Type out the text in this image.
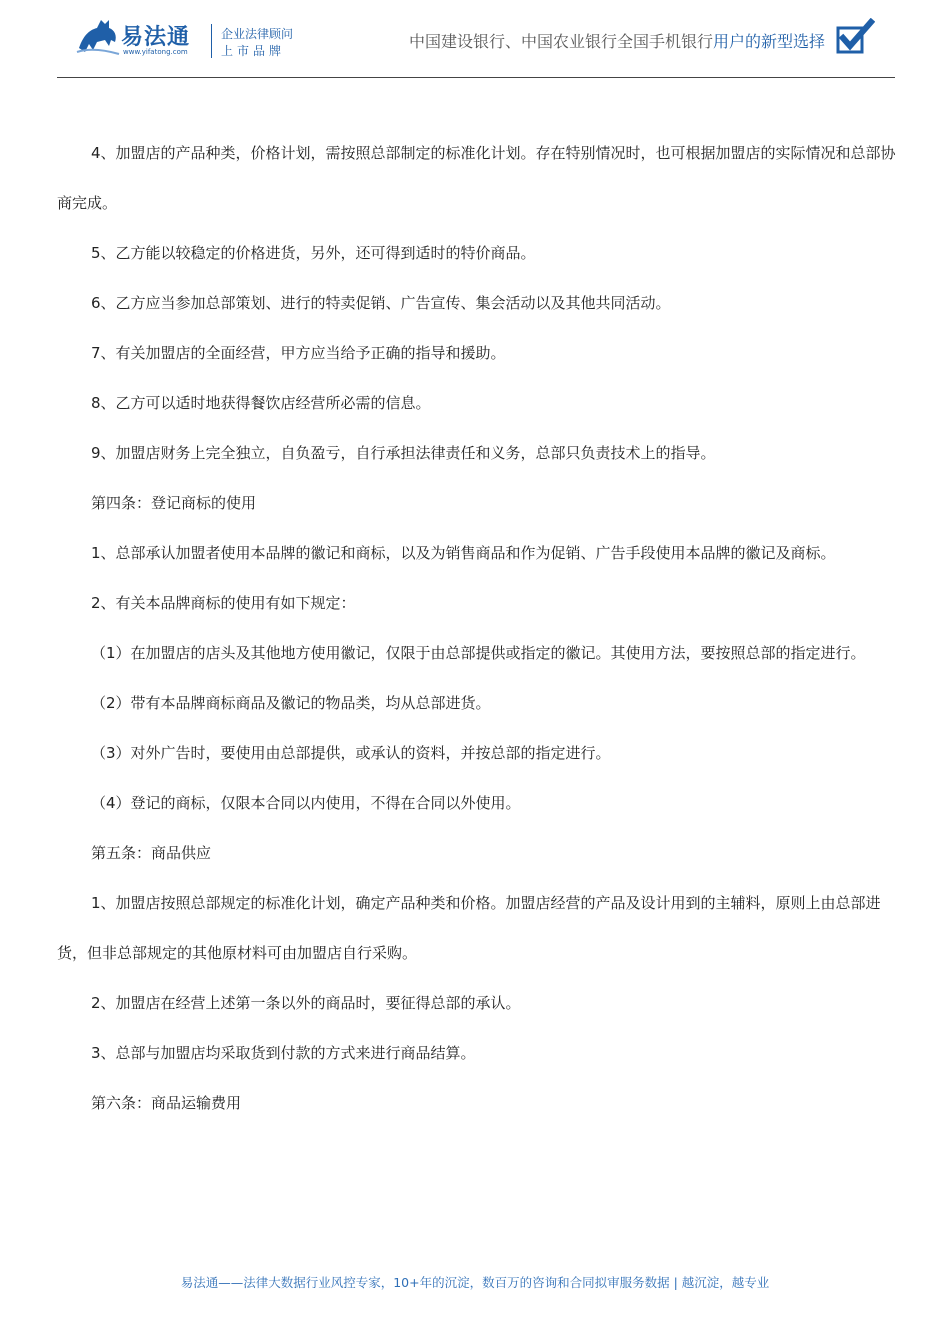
易法通
www.yifatong.com
企业法律顾问
上市品牌	中国建设银行、中国农业银行全国手机银行用户的新型选择

4、加盟店的产品种类，价格计划，需按照总部制定的标准化计划。存在特别情况时，也可根据加盟店的实际情况和总部协商完成。

5、乙方能以较稳定的价格进货，另外，还可得到适时的特价商品。

6、乙方应当参加总部策划、进行的特卖促销、广告宣传、集会活动以及其他共同活动。

7、有关加盟店的全面经营，甲方应当给予正确的指导和援助。

8、乙方可以适时地获得餐饮店经营所必需的信息。

9、加盟店财务上完全独立，自负盈亏，自行承担法律责任和义务，总部只负责技术上的指导。

第四条：登记商标的使用

1、总部承认加盟者使用本品牌的徽记和商标，以及为销售商品和作为促销、广告手段使用本品牌的徽记及商标。

2、有关本品牌商标的使用有如下规定：

（1）在加盟店的店头及其他地方使用徽记，仅限于由总部提供或指定的徽记。其使用方法，要按照总部的指定进行。

（2）带有本品牌商标商品及徽记的物品类，均从总部进货。

（3）对外广告时，要使用由总部提供，或承认的资料，并按总部的指定进行。

（4）登记的商标，仅限本合同以内使用，不得在合同以外使用。

第五条：商品供应

1、加盟店按照总部规定的标准化计划，确定产品种类和价格。加盟店经营的产品及设计用到的主辅料，原则上由总部进货，但非总部规定的其他原材料可由加盟店自行采购。

2、加盟店在经营上述第一条以外的商品时，要征得总部的承认。

3、总部与加盟店均采取货到付款的方式来进行商品结算。

第六条：商品运输费用

易法通——法律大数据行业风控专家，10+年的沉淀，数百万的咨询和合同拟审服务数据 | 越沉淀，越专业
